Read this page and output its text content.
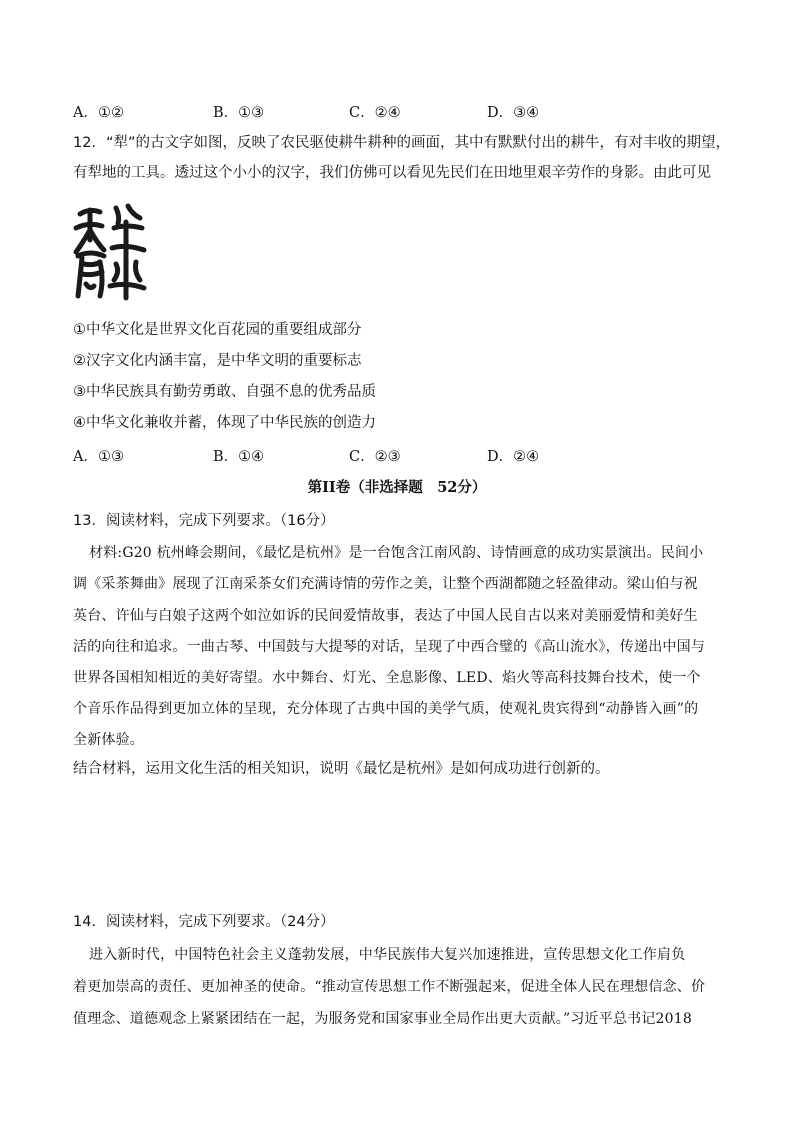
A．①②	B．①③	C．②④	D．③④
12．“犁”的古文字如图，反映了农民驱使耕牛耕种的画面，其中有默默付出的耕牛，有对丰收的期望，
有犁地的工具。透过这个小小的汉字，我们仿佛可以看见先民们在田地里艰辛劳作的身影。由此可见
①中华文化是世界文化百花园的重要组成部分
②汉字文化内涵丰富，是中华文明的重要标志
③中华民族具有勤劳勇敢、自强不息的优秀品质
④中华文化兼收并蓄，体现了中华民族的创造力
A．①③	B．①④	C．②③	D．②④
第II卷（非选择题　52分）
13．阅读材料，完成下列要求。（16分）
材料:G20 杭州峰会期间，《最忆是杭州》是一台饱含江南风韵、诗情画意的成功实景演出。民间小
调《采茶舞曲》展现了江南采茶女们充满诗情的劳作之美，让整个西湖都随之轻盈律动。梁山伯与祝
英台、许仙与白娘子这两个如泣如诉的民间爱情故事，表达了中国人民自古以来对美丽爱情和美好生
活的向往和追求。一曲古琴、中国鼓与大提琴的对话，呈现了中西合璧的《高山流水》，传递出中国与
世界各国相知相近的美好寄望。水中舞台、灯光、全息影像、LED、焰火等高科技舞台技术，使一个
个音乐作品得到更加立体的呈现，充分体现了古典中国的美学气质，使观礼贵宾得到“动静皆入画”的
全新体验。
结合材料，运用文化生活的相关知识，说明《最忆是杭州》是如何成功进行创新的。
14．阅读材料，完成下列要求。（24分）
进入新时代，中国特色社会主义蓬勃发展，中华民族伟大复兴加速推进，宣传思想文化工作肩负
着更加崇高的责任、更加神圣的使命。“推动宣传思想工作不断强起来，促进全体人民在理想信念、价
值理念、道德观念上紧紧团结在一起，为服务党和国家事业全局作出更大贡献。”习近平总书记2018
